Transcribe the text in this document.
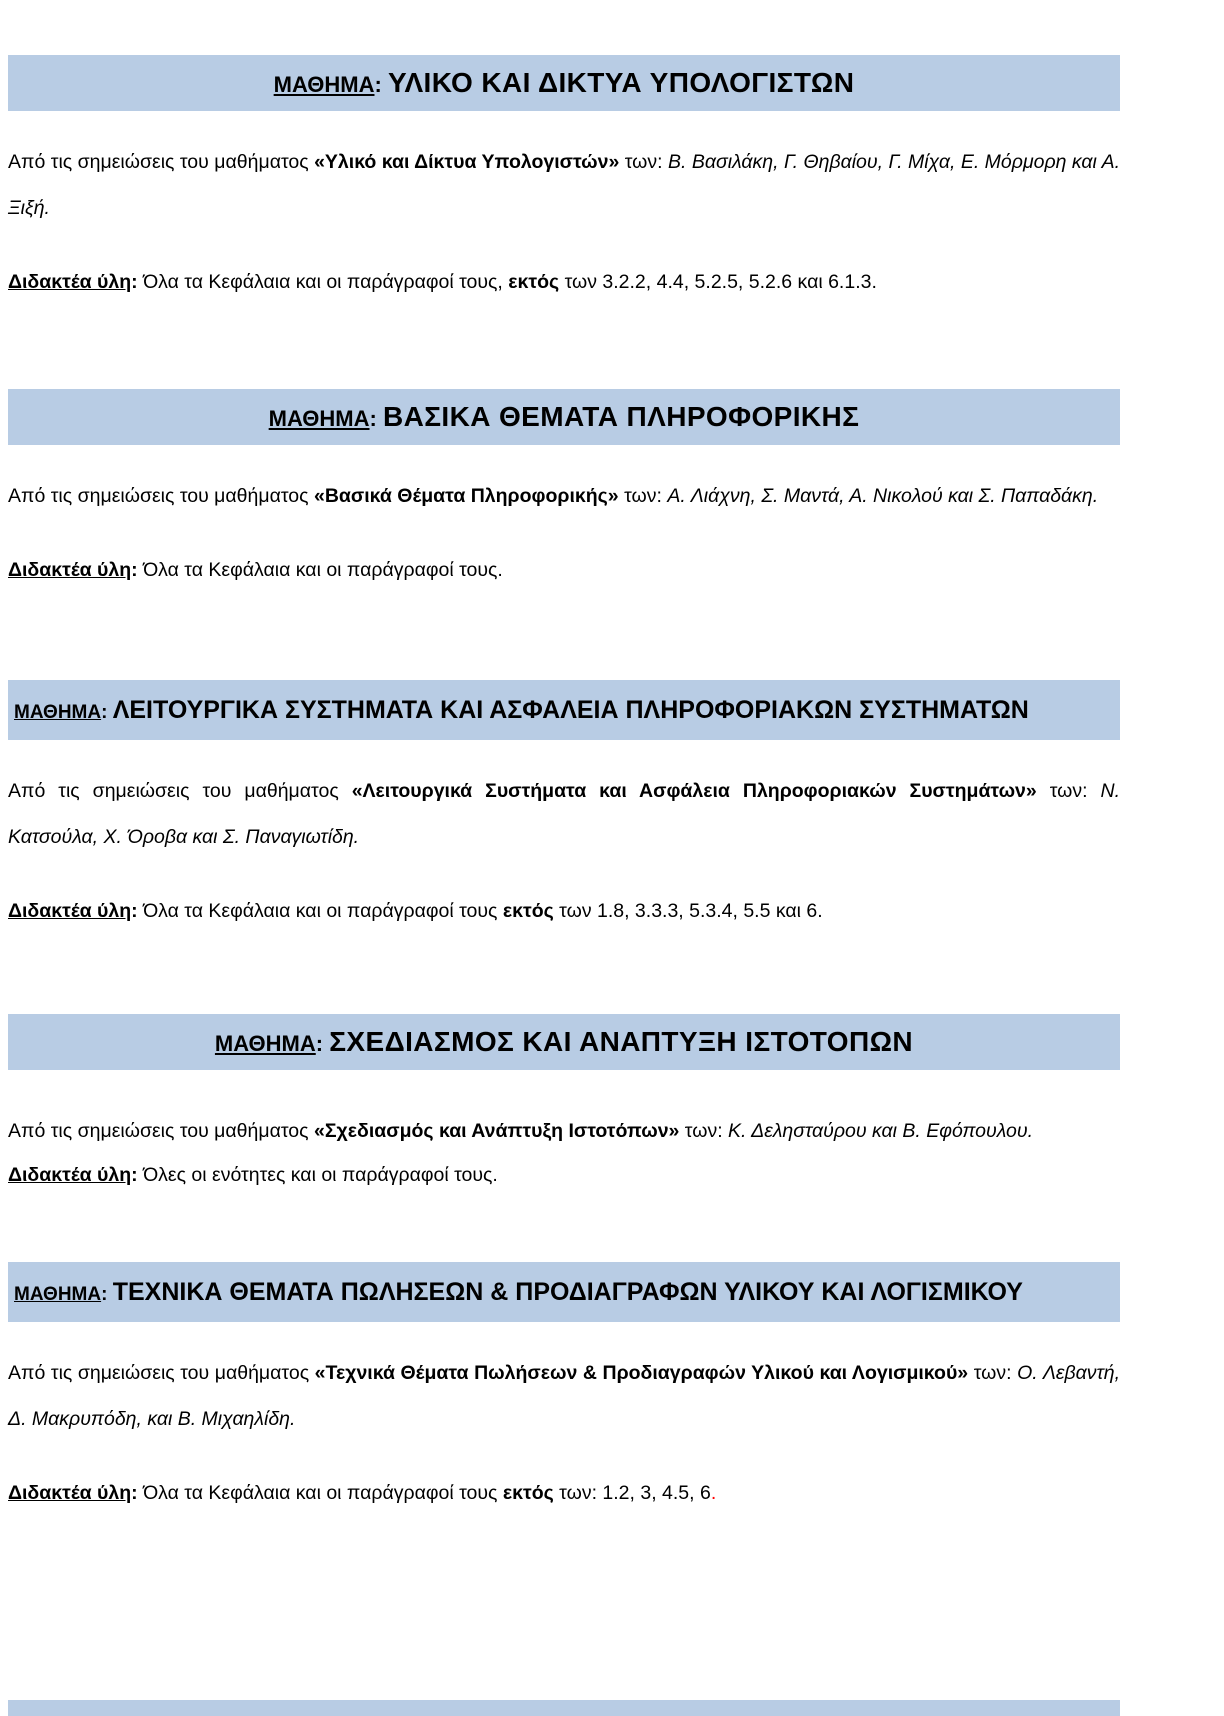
ΜΑΘΗΜΑ: ΥΛΙΚΟ ΚΑΙ ΔΙΚΤΥΑ ΥΠΟΛΟΓΙΣΤΩΝ

Από τις σημειώσεις του μαθήματος «Υλικό και Δίκτυα Υπολογιστών» των: Β. Βασιλάκη, Γ. Θηβαίου, Γ. Μίχα, Ε. Μόρμορη και Α. Ξιξή.

Διδακτέα ύλη: Όλα τα Κεφάλαια και οι παράγραφοί τους, εκτός των 3.2.2, 4.4, 5.2.5, 5.2.6 και 6.1.3.

ΜΑΘΗΜΑ: ΒΑΣΙΚΑ ΘΕΜΑΤΑ ΠΛΗΡΟΦΟΡΙΚΗΣ

Από τις σημειώσεις του μαθήματος «Βασικά Θέματα Πληροφορικής» των: Α. Λιάχνη, Σ. Μαντά, Α. Νικολού και Σ. Παπαδάκη.

Διδακτέα ύλη: Όλα τα Κεφάλαια και οι παράγραφοί τους.

ΜΑΘΗΜΑ: ΛΕΙΤΟΥΡΓΙΚΑ ΣΥΣΤΗΜΑΤΑ ΚΑΙ ΑΣΦΑΛΕΙΑ ΠΛΗΡΟΦΟΡΙΑΚΩΝ ΣΥΣΤΗΜΑΤΩΝ

Από τις σημειώσεις του μαθήματος «Λειτουργικά Συστήματα και Ασφάλεια Πληροφοριακών Συστημάτων» των: Ν. Κατσούλα, Χ. Όροβα και Σ. Παναγιωτίδη.

Διδακτέα ύλη: Όλα τα Κεφάλαια και οι παράγραφοί τους εκτός των 1.8, 3.3.3, 5.3.4, 5.5 και 6.

ΜΑΘΗΜΑ: ΣΧΕΔΙΑΣΜΟΣ ΚΑΙ ΑΝΑΠΤΥΞΗ ΙΣΤΟΤΟΠΩΝ

Από τις σημειώσεις του μαθήματος «Σχεδιασμός και Ανάπτυξη Ιστοτόπων» των: Κ. Δελησταύρου και Β. Εφόπουλου.

Διδακτέα ύλη: Όλες οι ενότητες και οι παράγραφοί τους.

ΜΑΘΗΜΑ: ΤΕΧΝΙΚΑ ΘΕΜΑΤΑ ΠΩΛΗΣΕΩΝ & ΠΡΟΔΙΑΓΡΑΦΩΝ ΥΛΙΚΟΥ ΚΑΙ ΛΟΓΙΣΜΙΚΟΥ

Από τις σημειώσεις του μαθήματος «Τεχνικά Θέματα Πωλήσεων & Προδιαγραφών Υλικού και Λογισμικού» των: Ο. Λεβαντή, Δ. Μακρυπόδη, και Β. Μιχαηλίδη.

Διδακτέα ύλη: Όλα τα Κεφάλαια και οι παράγραφοί τους εκτός των: 1.2, 3, 4.5, 6.
